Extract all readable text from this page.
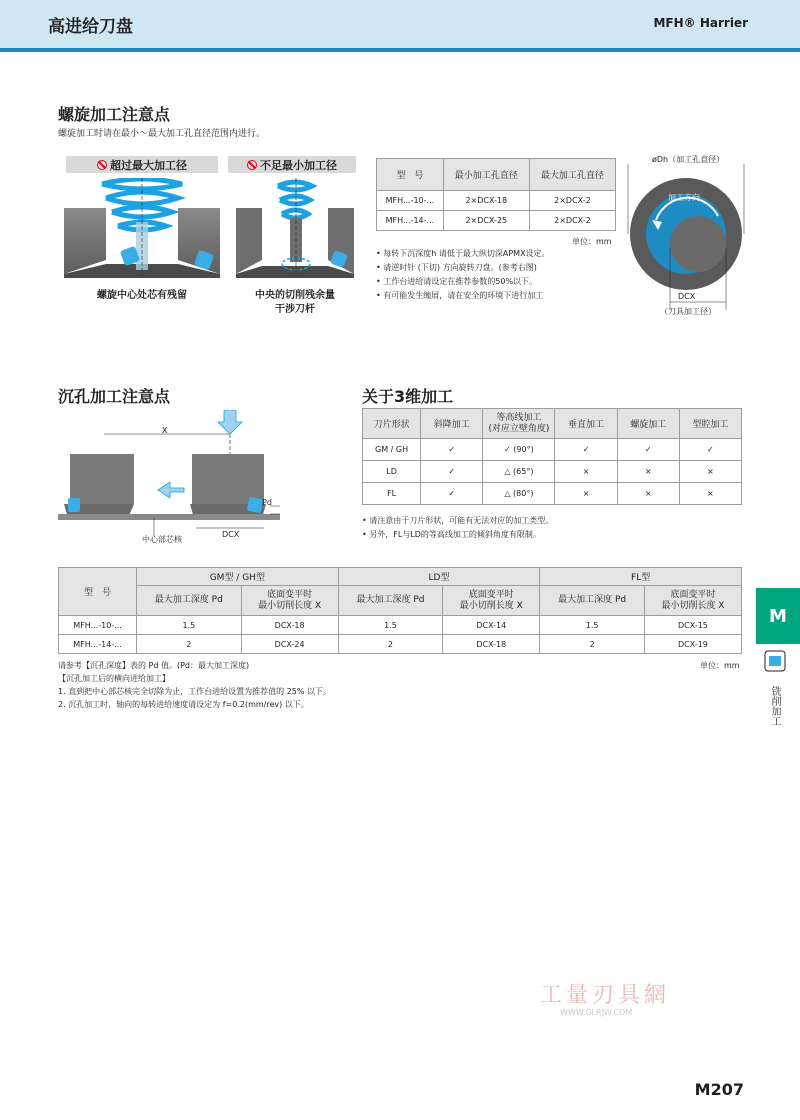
高进给刀盘	MFH® Harrier
螺旋加工注意点
螺旋加工时请在最小～最大加工孔直径范围内进行。
超过最大加工径	不足最小加工径
螺旋中心处芯有残留	中央的切削残余量
干涉刀杆
型　号	最小加工孔直径	最大加工孔直径
MFH...-10-...	2×DCX-18	2×DCX-2
MFH...-14-...	2×DCX-25	2×DCX-2
单位：mm
• 每转下沉深度h 请低于最大纵切深APMX设定。
• 请逆时针 (下切) 方向旋转刀盘。(参考右图)
• 工作台进给请设定在推荐参数的50%以下。
• 有可能发生缠屑，请在安全的环境下进行加工
øDh（加工孔直径）
加工方向
DCX
（刀具加工径）
沉孔加工注意点
X
Pd
DCX
中心部芯核
关于3维加工
刀片形状	斜降加工	等高线加工
(对应立壁角度)	垂直加工	螺旋加工	型腔加工
GM / GH	✓	✓ (90°)	✓	✓	✓
LD	✓	△ (65°)	×	×	×
FL	✓	△ (80°)	×	×	×
• 请注意由于刀片形状，可能有无法对应的加工类型。
• 另外，FL与LD的等高线加工的倾斜角度有限制。
型　号	GM型 / GH型		LD型		FL型	
	最大加工深度 Pd	底面变平时
最小切削长度 X	最大加工深度 Pd	底面变平时
最小切削长度 X	最大加工深度 Pd	底面变平时
最小切削长度 X
MFH...-10-...	1.5	DCX-18	1.5	DCX-14	1.5	DCX-15
MFH...-14-...	2	DCX-24	2	DCX-18	2	DCX-19
单位：mm
请参考【沉孔深度】表的 Pd 值。(Pd：最大加工深度)
【沉孔加工后的横向进给加工】
1. 直到把中心部芯核完全切除为止，工作台进给设置为推荐值的 25% 以下。
2. 沉孔加工时，轴向的每转进给速度请设定为 f=0.2(mm/rev) 以下。
M
铣削加工
工量刃具網
WWW.GLRJW.COM
M207
